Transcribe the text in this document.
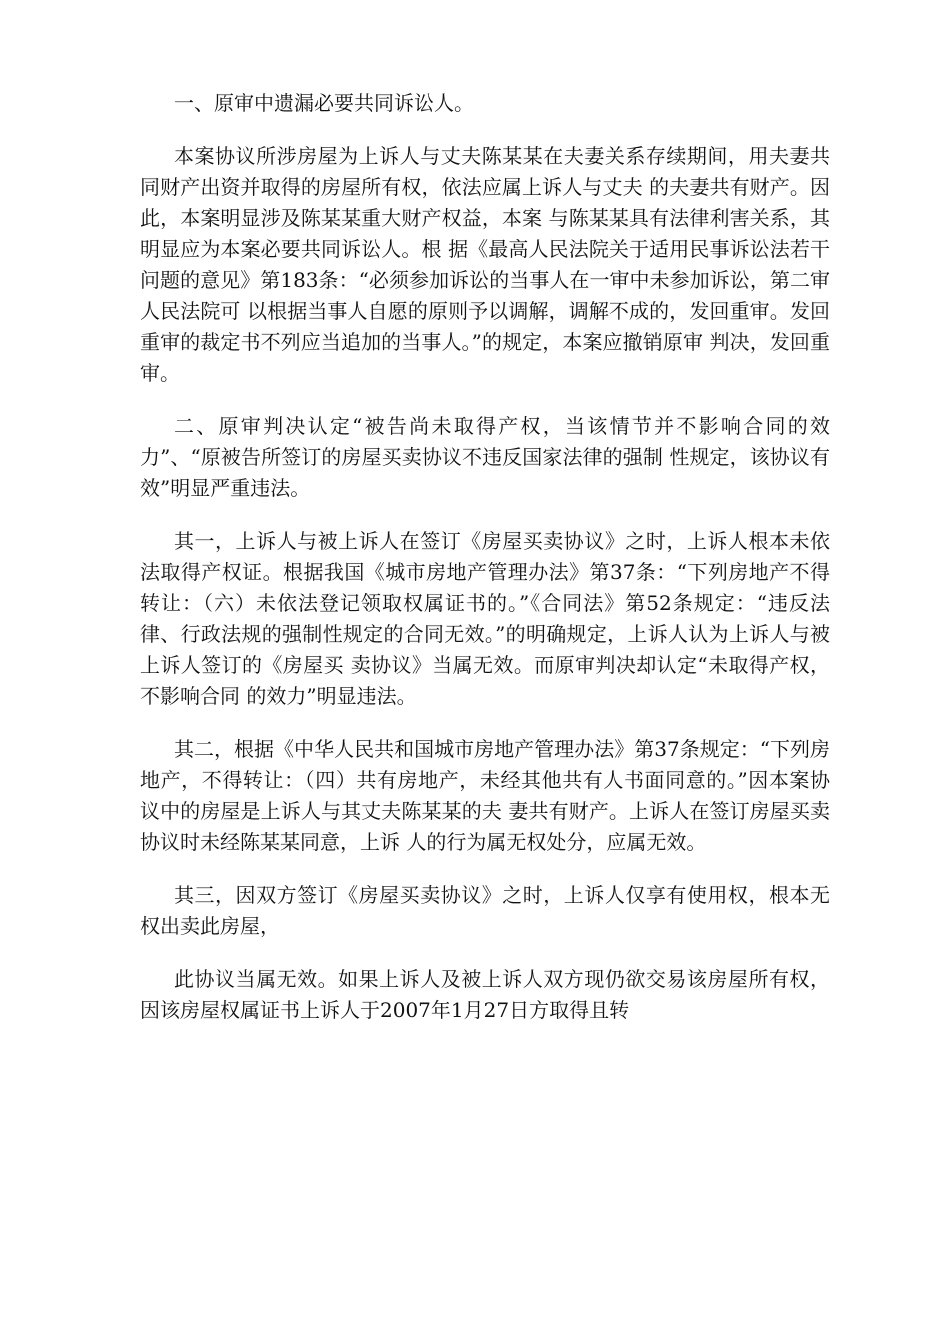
一、原审中遗漏必要共同诉讼人。

本案协议所涉房屋为上诉人与丈夫陈某某在夫妻关系存续期间，用夫妻共同财产出资并取得的房屋所有权，依法应属上诉人与丈夫 的夫妻共有财产。因此，本案明显涉及陈某某重大财产权益，本案 与陈某某具有法律利害关系，其明显应为本案必要共同诉讼人。根 据《最高人民法院关于适用民事诉讼法若干问题的意见》第183条：“必须参加诉讼的当事人在一审中未参加诉讼，第二审人民法院可 以根据当事人自愿的原则予以调解，调解不成的，发回重审。发回 重审的裁定书不列应当追加的当事人。”的规定，本案应撤销原审 判决，发回重审。

二、原审判决认定“被告尚未取得产权，当该情节并不影响合同的效力”、“原被告所签订的房屋买卖协议不违反国家法律的强制 性规定，该协议有效”明显严重违法。

其一，上诉人与被上诉人在签订《房屋买卖协议》之时，上诉人根本未依法取得产权证。根据我国《城市房地产管理办法》第37条：“下列房地产不得转让：（六）未依法登记领取权属证书的。”《合同法》第52条规定：“违反法律、行政法规的强制性规定的合同无效。”的明确规定，上诉人认为上诉人与被上诉人签订的《房屋买 卖协议》当属无效。而原审判决却认定“未取得产权，不影响合同 的效力”明显违法。

其二，根据《中华人民共和国城市房地产管理办法》第37条规定：“下列房地产，不得转让：（四）共有房地产，未经其他共有人书面同意的。”因本案协议中的房屋是上诉人与其丈夫陈某某的夫 妻共有财产。上诉人在签订房屋买卖协议时未经陈某某同意，上诉 人的行为属无权处分，应属无效。

其三，因双方签订《房屋买卖协议》之时，上诉人仅享有使用权，根本无权出卖此房屋，

此协议当属无效。如果上诉人及被上诉人双方现仍欲交易该房屋所有权，因该房屋权属证书上诉人于2007年1月27日方取得且转
